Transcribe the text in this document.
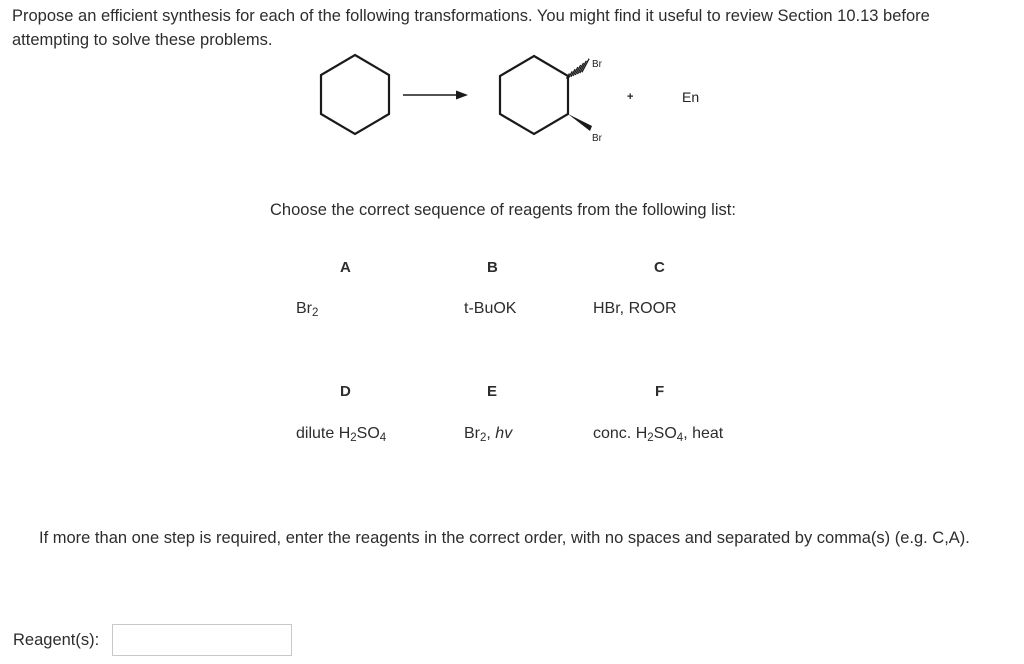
Propose an efficient synthesis for each of the following transformations. You might find it useful to review Section 10.13 before attempting to solve these problems.

Br
Br
+	En
Choose the correct sequence of reagents from the following list:
A	B	C
$Br_2$	t-BuOK	HBr, ROOR
D	E	F
dilute $H_2SO_4$	$Br_2$, hv	conc. $H_2SO_4$, heat
If more than one step is required, enter the reagents in the correct order, with no spaces and separated by comma(s) (e.g. C,A).
Reagent(s):
